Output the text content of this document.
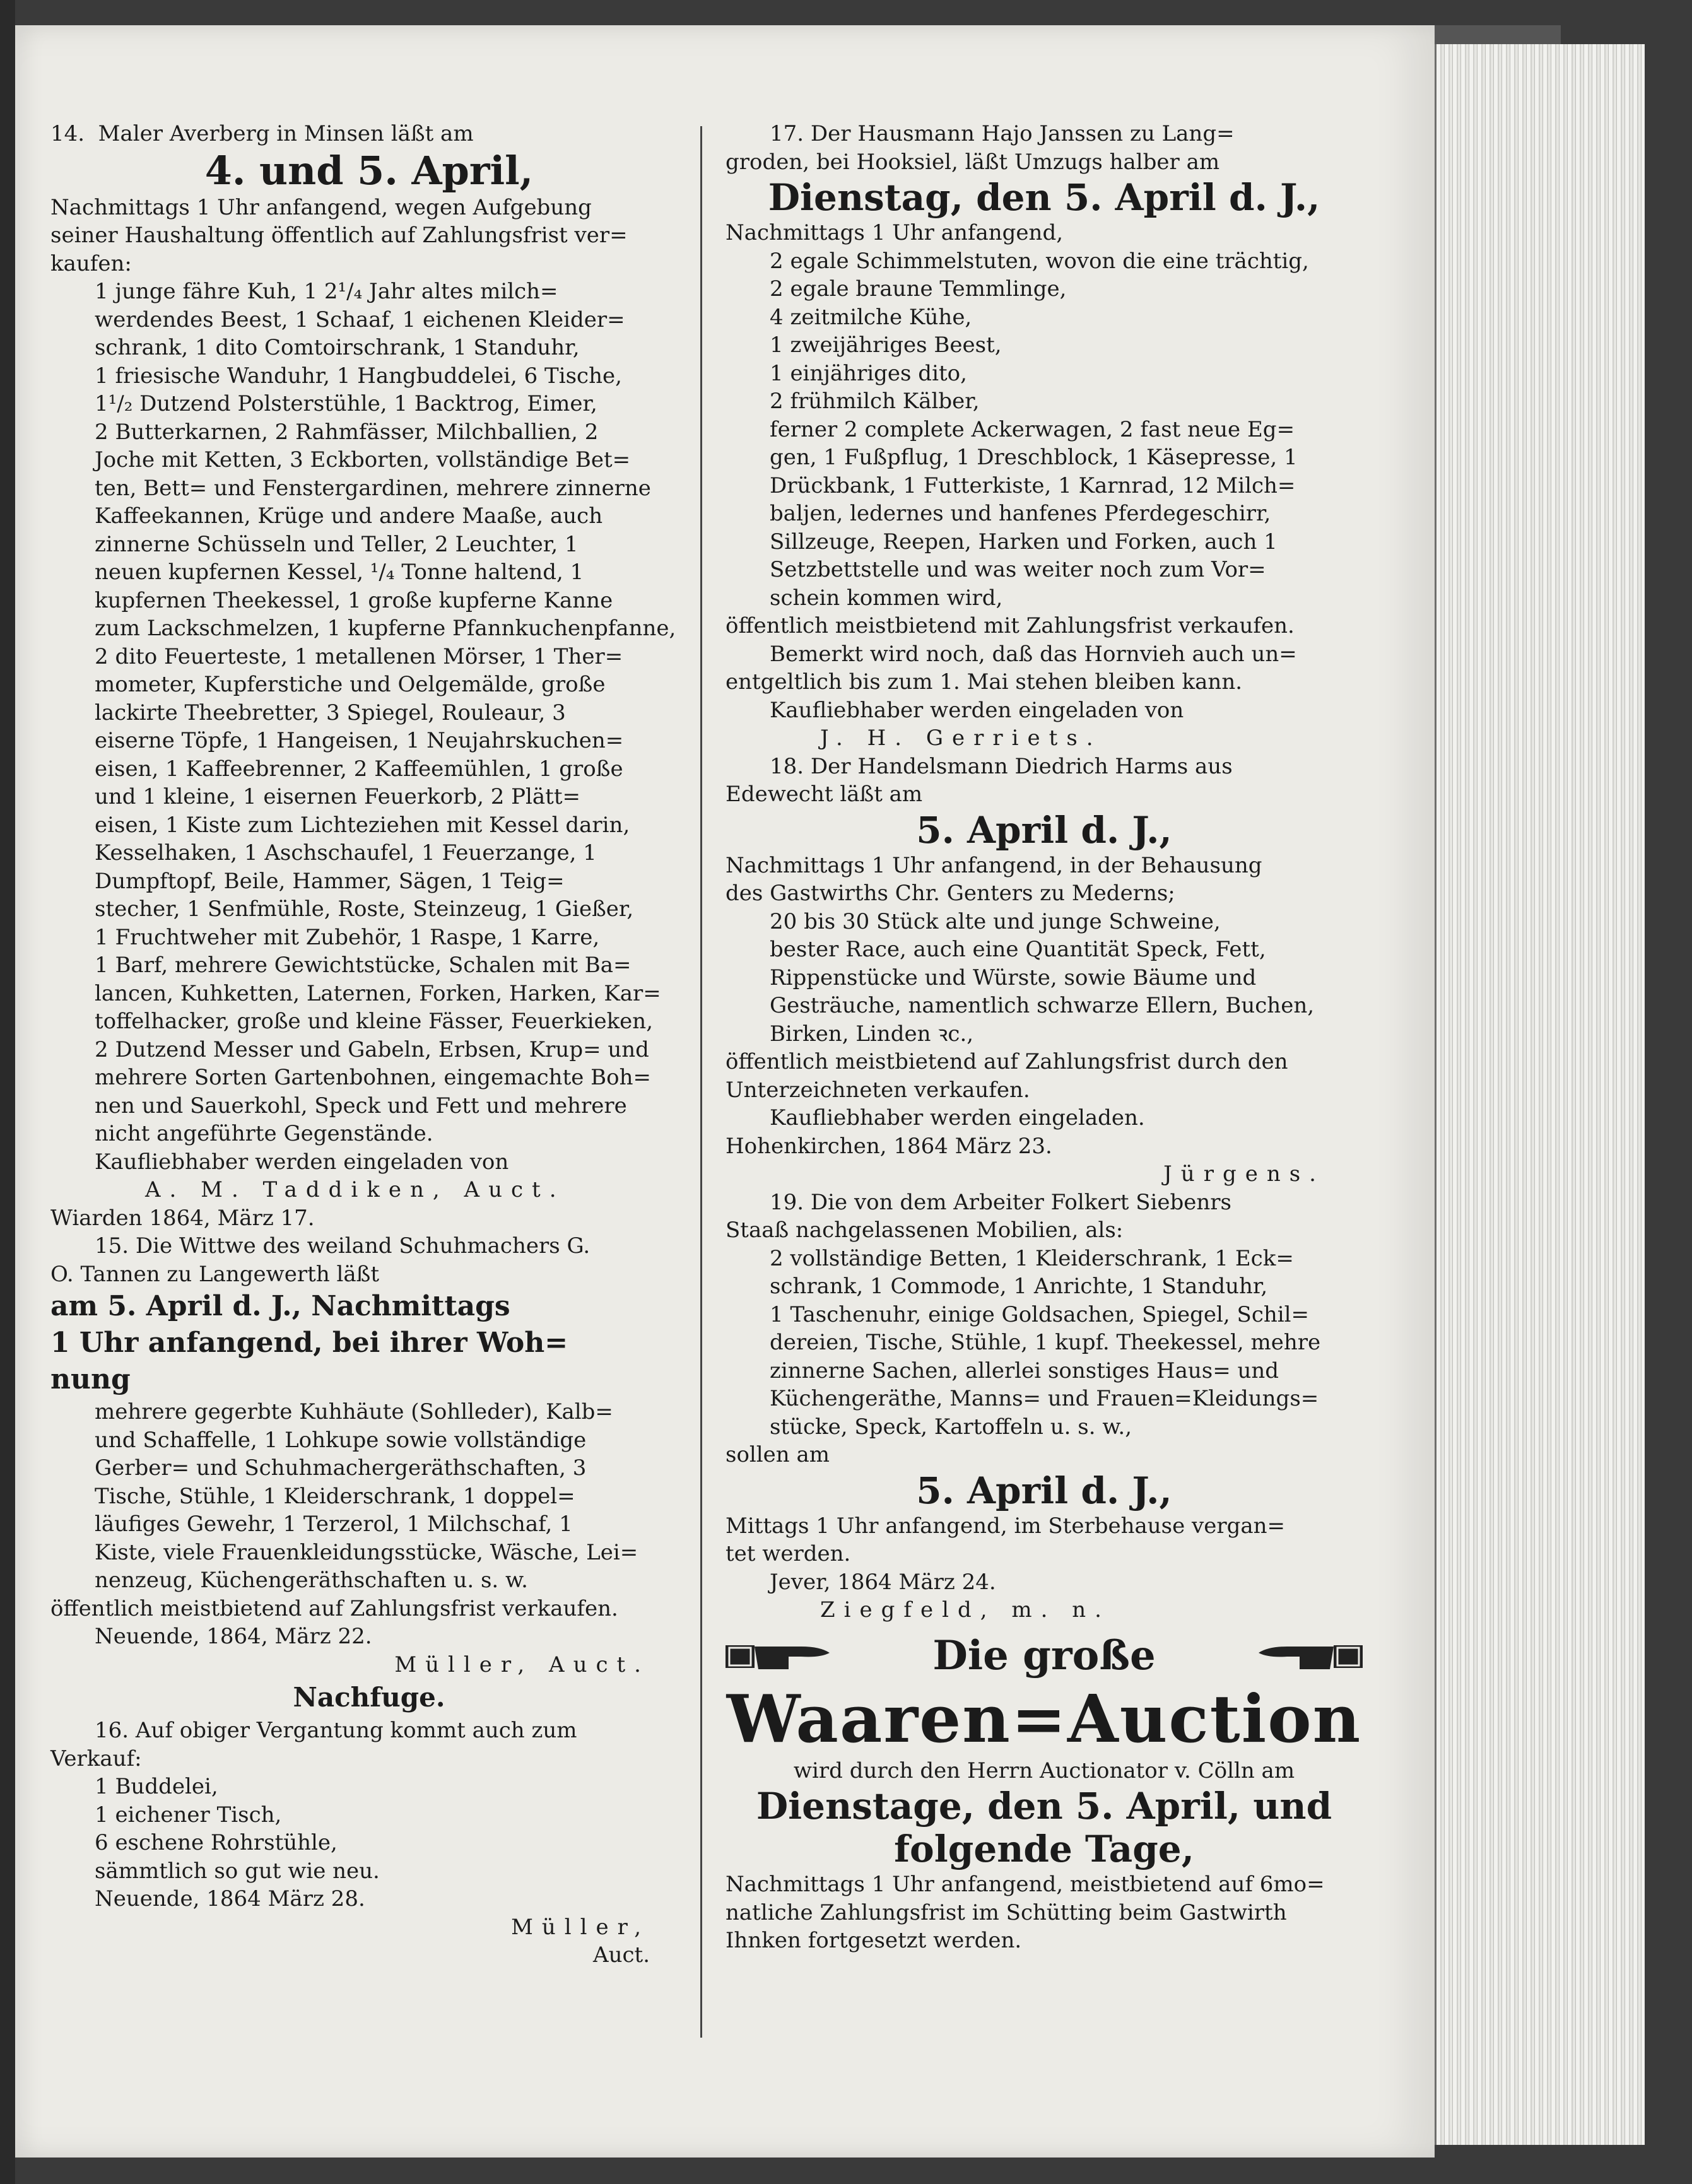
14.  Maler Averberg in Minsen läßt am

4. und 5. April,

Nachmittags 1 Uhr anfangend, wegen Aufgebung

seiner Haushaltung öffentlich auf Zahlungsfrist ver=

kaufen:

1 junge fähre Kuh, 1 2¹/₄ Jahr altes milch=

werdendes Beest, 1 Schaaf, 1 eichenen Kleider=

schrank, 1 dito Comtoirschrank, 1 Standuhr,

1 friesische Wanduhr, 1 Hangbuddelei, 6 Tische,

1¹/₂ Dutzend Polsterstühle, 1 Backtrog, Eimer,

2 Butterkarnen, 2 Rahmfässer, Milchballien, 2

Joche mit Ketten, 3 Eckborten, vollständige Bet=

ten, Bett= und Fenstergardinen, mehrere zinnerne

Kaffeekannen, Krüge und andere Maaße, auch

zinnerne Schüsseln und Teller, 2 Leuchter, 1

neuen kupfernen Kessel, ¹/₄ Tonne haltend, 1

kupfernen Theekessel, 1 große kupferne Kanne

zum Lackschmelzen, 1 kupferne Pfannkuchenpfanne,

2 dito Feuerteste, 1 metallenen Mörser, 1 Ther=

mometer, Kupferstiche und Oelgemälde, große

lackirte Theebretter, 3 Spiegel, Rouleaur, 3

eiserne Töpfe, 1 Hangeisen, 1 Neujahrskuchen=

eisen, 1 Kaffeebrenner, 2 Kaffeemühlen, 1 große

und 1 kleine, 1 eisernen Feuerkorb, 2 Plätt=

eisen, 1 Kiste zum Lichteziehen mit Kessel darin,

Kesselhaken, 1 Aschschaufel, 1 Feuerzange, 1

Dumpftopf, Beile, Hammer, Sägen, 1 Teig=

stecher, 1 Senfmühle, Roste, Steinzeug, 1 Gießer,

1 Fruchtweher mit Zubehör, 1 Raspe, 1 Karre,

1 Barf, mehrere Gewichtstücke, Schalen mit Ba=

lancen, Kuhketten, Laternen, Forken, Harken, Kar=

toffelhacker, große und kleine Fässer, Feuerkieken,

2 Dutzend Messer und Gabeln, Erbsen, Krup= und

mehrere Sorten Gartenbohnen, eingemachte Boh=

nen und Sauerkohl, Speck und Fett und mehrere

nicht angeführte Gegenstände.

Kaufliebhaber werden eingeladen von

A. M. Taddiken, Auct.

Wiarden 1864, März 17.

15. Die Wittwe des weiland Schuhmachers G.

O. Tannen zu Langewerth läßt

am 5. April d. J., Nachmittags

1 Uhr anfangend, bei ihrer Woh=

nung

mehrere gegerbte Kuhhäute (Sohlleder), Kalb=

und Schaffelle, 1 Lohkupe sowie vollständige

Gerber= und Schuhmachergeräthschaften, 3

Tische, Stühle, 1 Kleiderschrank, 1 doppel=

läufiges Gewehr, 1 Terzerol, 1 Milchschaf, 1

Kiste, viele Frauenkleidungsstücke, Wäsche, Lei=

nenzeug, Küchengeräthschaften u. s. w.

öffentlich meistbietend auf Zahlungsfrist verkaufen.

Neuende, 1864, März 22.

Müller, Auct.

Nachfuge.

16. Auf obiger Vergantung kommt auch zum

Verkauf:

1 Buddelei,

1 eichener Tisch,

6 eschene Rohrstühle,

sämmtlich so gut wie neu.

Neuende, 1864 März 28.

Müller,

Auct.

17. Der Hausmann Hajo Janssen zu Lang=

groden, bei Hooksiel, läßt Umzugs halber am

Dienstag, den 5. April d. J.,

Nachmittags 1 Uhr anfangend,

2 egale Schimmelstuten, wovon die eine trächtig,

2 egale braune Temmlinge,

4 zeitmilche Kühe,

1 zweijähriges Beest,

1 einjähriges dito,

2 frühmilch Kälber,

ferner 2 complete Ackerwagen, 2 fast neue Eg=

gen, 1 Fußpflug, 1 Dreschblock, 1 Käsepresse, 1

Drückbank, 1 Futterkiste, 1 Karnrad, 12 Milch=

baljen, ledernes und hanfenes Pferdegeschirr,

Sillzeuge, Reepen, Harken und Forken, auch 1

Setzbettstelle und was weiter noch zum Vor=

schein kommen wird,

öffentlich meistbietend mit Zahlungsfrist verkaufen.

Bemerkt wird noch, daß das Hornvieh auch un=

entgeltlich bis zum 1. Mai stehen bleiben kann.

Kaufliebhaber werden eingeladen von

J. H. Gerriets.

18. Der Handelsmann Diedrich Harms aus

Edewecht läßt am

5. April d. J.,

Nachmittags 1 Uhr anfangend, in der Behausung

des Gastwirths Chr. Genters zu Mederns;

20 bis 30 Stück alte und junge Schweine,

bester Race, auch eine Quantität Speck, Fett,

Rippenstücke und Würste, sowie Bäume und

Gesträuche, namentlich schwarze Ellern, Buchen,

Birken, Linden ꝛc.,

öffentlich meistbietend auf Zahlungsfrist durch den

Unterzeichneten verkaufen.

Kaufliebhaber werden eingeladen.

Hohenkirchen, 1864 März 23.

Jürgens.

19. Die von dem Arbeiter Folkert Siebenrs

Staaß nachgelassenen Mobilien, als:

2 vollständige Betten, 1 Kleiderschrank, 1 Eck=

schrank, 1 Commode, 1 Anrichte, 1 Standuhr,

1 Taschenuhr, einige Goldsachen, Spiegel, Schil=

dereien, Tische, Stühle, 1 kupf. Theekessel, mehre

zinnerne Sachen, allerlei sonstiges Haus= und

Küchengeräthe, Manns= und Frauen=Kleidungs=

stücke, Speck, Kartoffeln u. s. w.,

sollen am

5. April d. J.,

Mittags 1 Uhr anfangend, im Sterbehause vergan=

tet werden.

Jever, 1864 März 24.

Ziegfeld, m. n.

Die große
Waaren=Auction

wird durch den Herrn Auctionator v. Cölln am

Dienstage, den 5. April, und
folgende Tage,

Nachmittags 1 Uhr anfangend, meistbietend auf 6mo=

natliche Zahlungsfrist im Schütting beim Gastwirth

Ihnken fortgesetzt werden.
